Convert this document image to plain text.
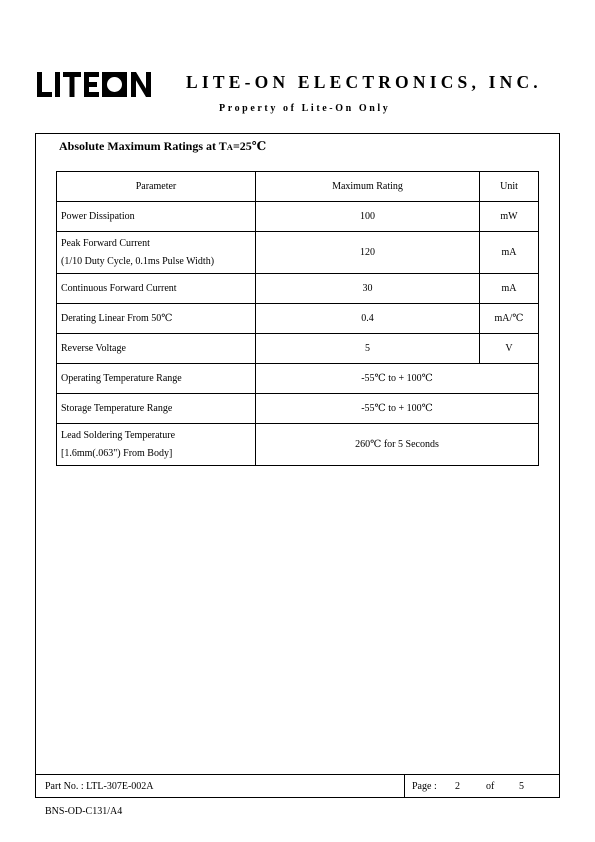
LITE-ON ELECTRONICS, INC.
Property of Lite-On Only
Absolute Maximum Ratings at TA=25℃
Parameter	Maximum Rating	Unit
Power Dissipation	100	mW

Peak Forward Current
(1/10 Duty Cycle, 0.1ms Pulse Width)	120	mA
Continuous Forward Current	30	mA
Derating Linear From 50℃	0.4	mA/℃
Reverse Voltage	5	V
Operating Temperature Range	-55℃ to + 100℃	
Storage Temperature Range	-55℃ to + 100℃	

Lead Soldering Temperature
[1.6mm(.063") From Body]	260℃ for 5 Seconds	
Part No. : LTL-307E-002A	Page : 2	of 5
BNS-OD-C131/A4
